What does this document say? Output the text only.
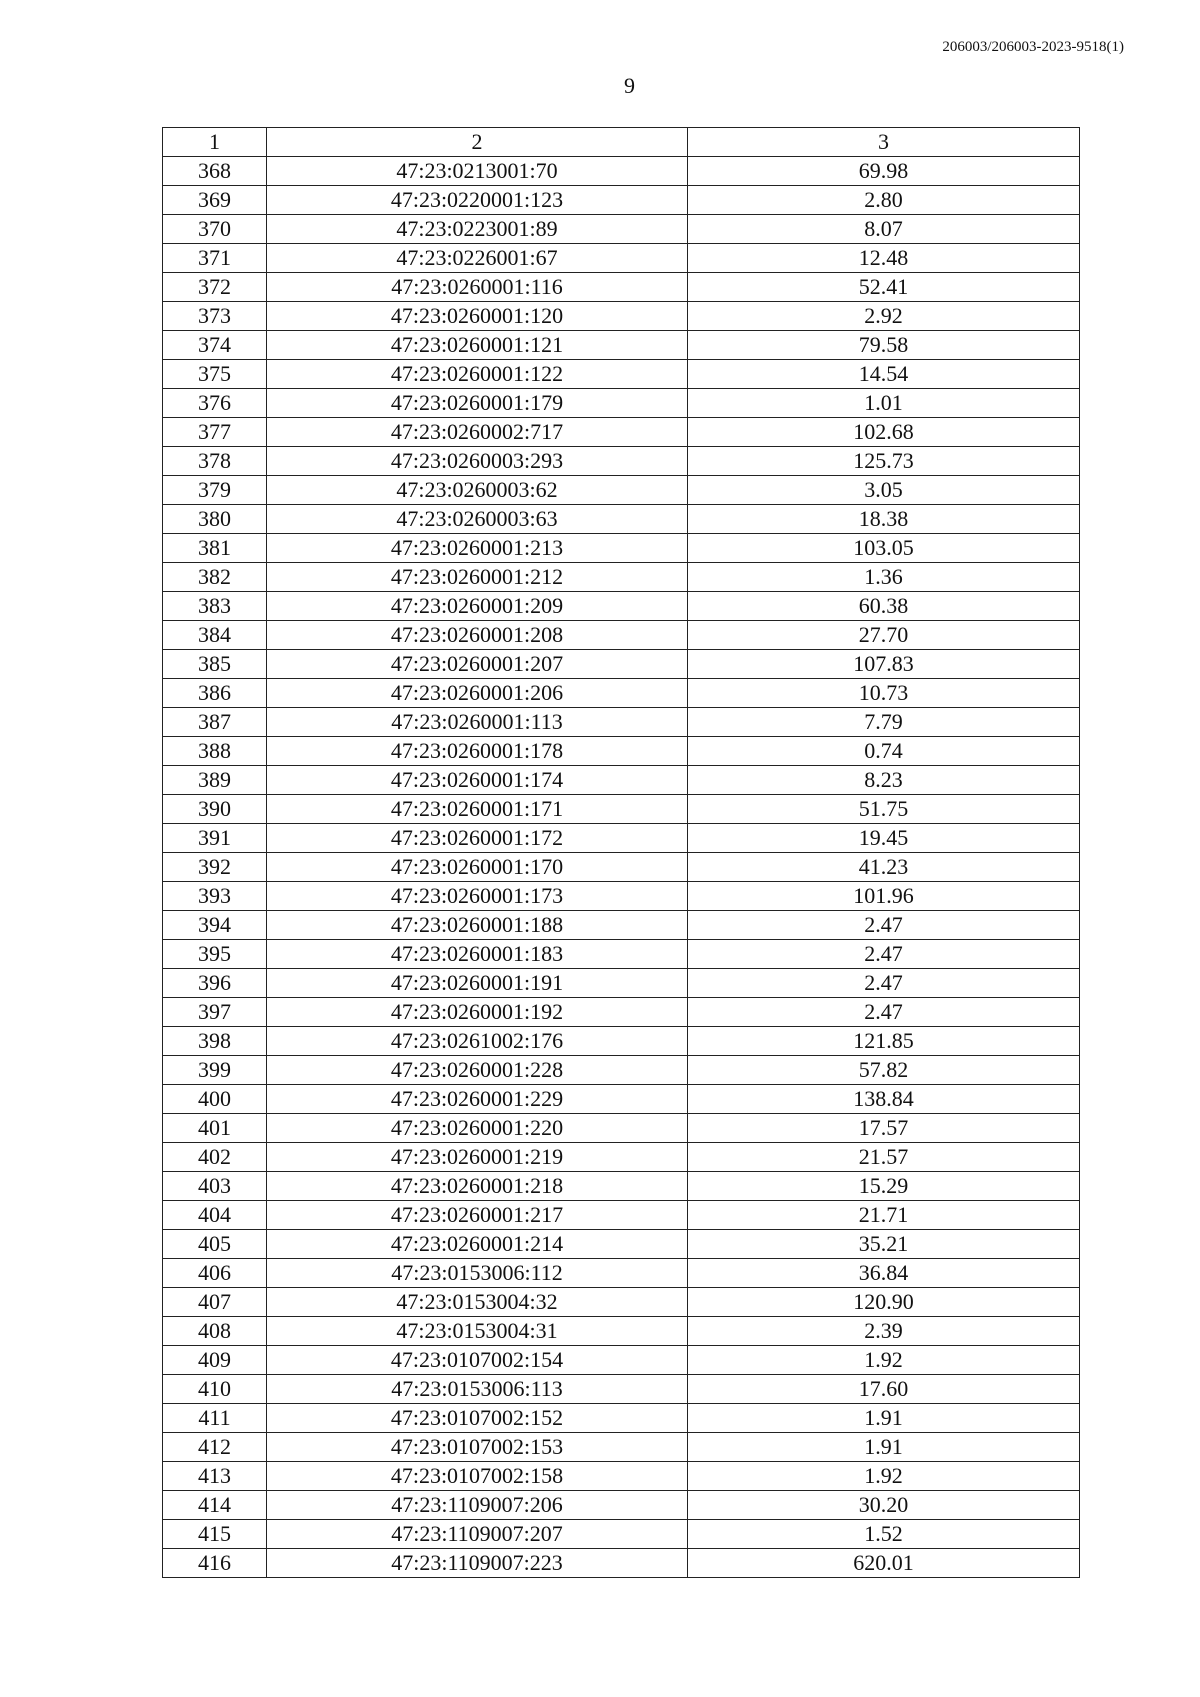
206003/206003-2023-9518(1)
9
1	2	3
368	47:23:0213001:70	69.98
369	47:23:0220001:123	2.80
370	47:23:0223001:89	8.07
371	47:23:0226001:67	12.48
372	47:23:0260001:116	52.41
373	47:23:0260001:120	2.92
374	47:23:0260001:121	79.58
375	47:23:0260001:122	14.54
376	47:23:0260001:179	1.01
377	47:23:0260002:717	102.68
378	47:23:0260003:293	125.73
379	47:23:0260003:62	3.05
380	47:23:0260003:63	18.38
381	47:23:0260001:213	103.05
382	47:23:0260001:212	1.36
383	47:23:0260001:209	60.38
384	47:23:0260001:208	27.70
385	47:23:0260001:207	107.83
386	47:23:0260001:206	10.73
387	47:23:0260001:113	7.79
388	47:23:0260001:178	0.74
389	47:23:0260001:174	8.23
390	47:23:0260001:171	51.75
391	47:23:0260001:172	19.45
392	47:23:0260001:170	41.23
393	47:23:0260001:173	101.96
394	47:23:0260001:188	2.47
395	47:23:0260001:183	2.47
396	47:23:0260001:191	2.47
397	47:23:0260001:192	2.47
398	47:23:0261002:176	121.85
399	47:23:0260001:228	57.82
400	47:23:0260001:229	138.84
401	47:23:0260001:220	17.57
402	47:23:0260001:219	21.57
403	47:23:0260001:218	15.29
404	47:23:0260001:217	21.71
405	47:23:0260001:214	35.21
406	47:23:0153006:112	36.84
407	47:23:0153004:32	120.90
408	47:23:0153004:31	2.39
409	47:23:0107002:154	1.92
410	47:23:0153006:113	17.60
411	47:23:0107002:152	1.91
412	47:23:0107002:153	1.91
413	47:23:0107002:158	1.92
414	47:23:1109007:206	30.20
415	47:23:1109007:207	1.52
416	47:23:1109007:223	620.01
